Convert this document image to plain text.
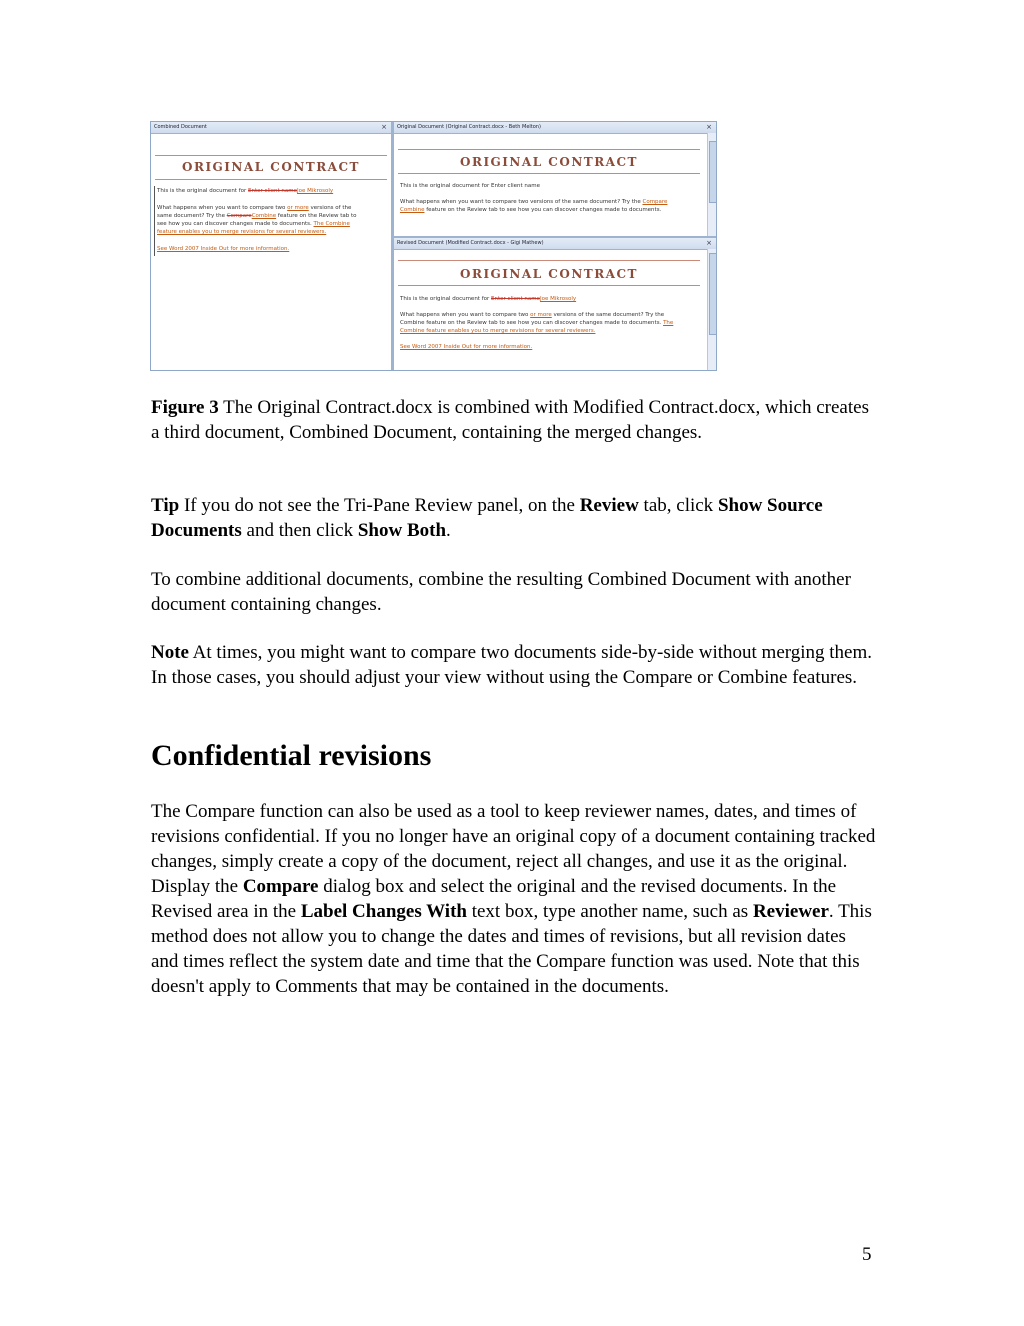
Combined Document	×
ORIGINAL CONTRACT
This is the original document for Enter client nameJoe Mikrosoly
What happens when you want to compare two or more versions of the
same document? Try the CompareCombine feature on the Review tab to
see how you can discover changes made to documents. The Combine
feature enables you to merge revisions for several reviewers.
See Word 2007 Inside Out for more information.
Original Document (Original Contract.docx - Beth Melton)	×
ORIGINAL CONTRACT
This is the original document for Enter client name
What happens when you want to compare two versions of the same document? Try the Compare
Combine feature on the Review tab to see how you can discover changes made to documents.
Revised Document (Modified Contract.docx - Gigi Mathew)	×
ORIGINAL CONTRACT
This is the original document for Enter client nameJoe Mikrosoly
What happens when you want to compare two or more versions of the same document? Try the
Combine feature on the Review tab to see how you can discover changes made to documents. The
Combine feature enables you to merge revisions for several reviewers.
See Word 2007 Inside Out for more information.

Figure 3 The Original Contract.docx is combined with Modified Contract.docx, which creates a third document, Combined Document, containing the merged changes.

Tip If you do not see the Tri-Pane Review panel, on the Review tab, click Show Source Documents and then click Show Both.

To combine additional documents, combine the resulting Combined Document with another document containing changes.

Note At times, you might want to compare two documents side-by-side without merging them. In those cases, you should adjust your view without using the Compare or Combine features.

Confidential revisions

The Compare function can also be used as a tool to keep reviewer names, dates, and times of revisions confidential. If you no longer have an original copy of a document containing tracked changes, simply create a copy of the document, reject all changes, and use it as the original. Display the Compare dialog box and select the original and the revised documents. In the Revised area in the Label Changes With text box, type another name, such as Reviewer. This method does not allow you to change the dates and times of revisions, but all revision dates and times reflect the system date and time that the Compare function was used. Note that this doesn't apply to Comments that may be contained in the documents.

5
